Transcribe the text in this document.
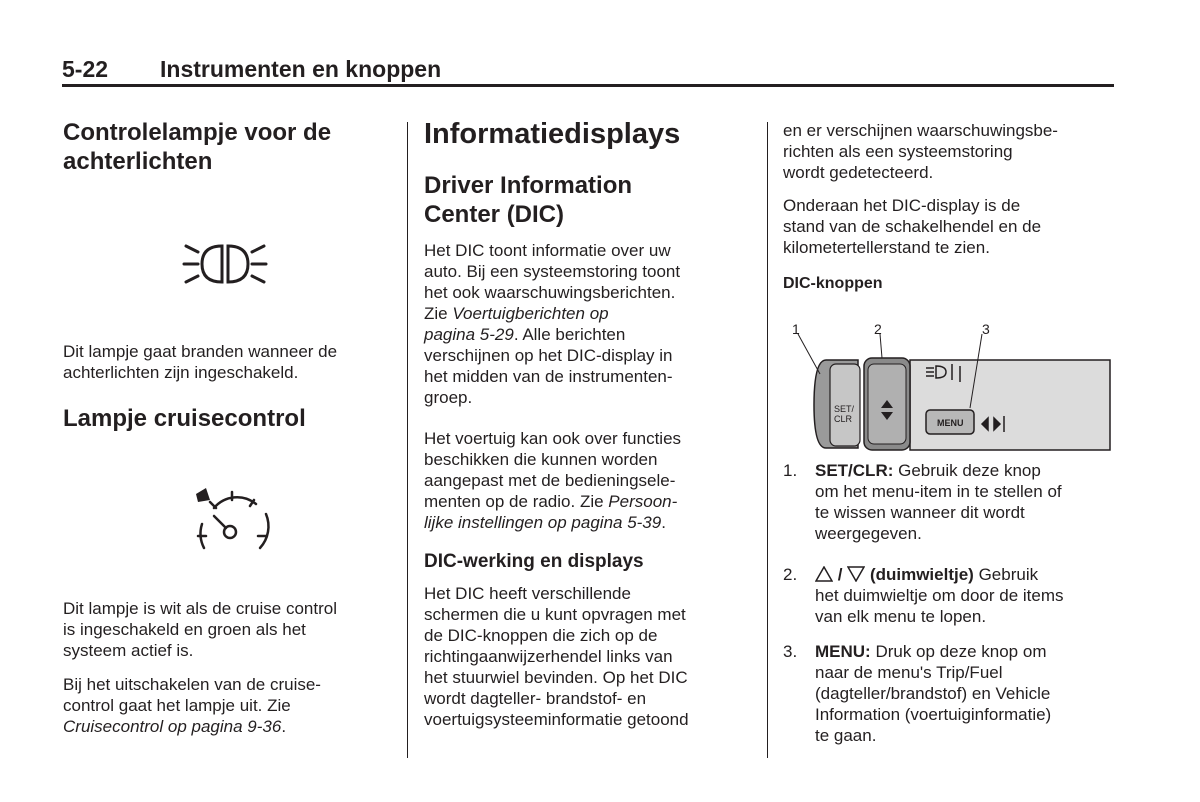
5-22 Instrumenten en knoppen
Controlelampje voor de
achterlichten
Dit lampje gaat branden wanneer de
achterlichten zijn ingeschakeld.
Lampje cruisecontrol
Dit lampje is wit als de cruise control
is ingeschakeld en groen als het
systeem actief is.
Bij het uitschakelen van de cruise-
control gaat het lampje uit. Zie
Cruisecontrol op pagina 9-36.
Informatiedisplays
Driver Information
Center (DIC)
Het DIC toont informatie over uw
auto. Bij een systeemstoring toont
het ook waarschuwingsberichten.
Zie Voertuigberichten op
pagina 5-29. Alle berichten
verschijnen op het DIC-display in
het midden van de instrumenten-
groep.
Het voertuig kan ook over functies
beschikken die kunnen worden
aangepast met de bedieningsele-
menten op de radio. Zie Persoon-
lijke instellingen op pagina 5-39.
DIC-werking en displays
Het DIC heeft verschillende
schermen die u kunt opvragen met
de DIC-knoppen die zich op de
richtingaanwijzerhendel links van
het stuurwiel bevinden. Op het DIC
wordt dagteller- brandstof- en
voertuigsysteeminformatie getoond
en er verschijnen waarschuwingsbe-
richten als een systeemstoring
wordt gedetecteerd.
Onderaan het DIC-display is de
stand van de schakelhendel en de
kilometertellerstand te zien.
DIC-knoppen
SET/
CLR	MENU
1	2	3
1. SET/CLR: Gebruik deze knop
om het menu-item in te stellen of
te wissen wanneer dit wordt
weergegeven.
2.	/ (duimwieltje) Gebruik
het duimwieltje om door de items
van elk menu te lopen.
3. MENU: Druk op deze knop om
naar de menu's Trip/Fuel
(dagteller/brandstof) en Vehicle
Information (voertuiginformatie)
te gaan.
